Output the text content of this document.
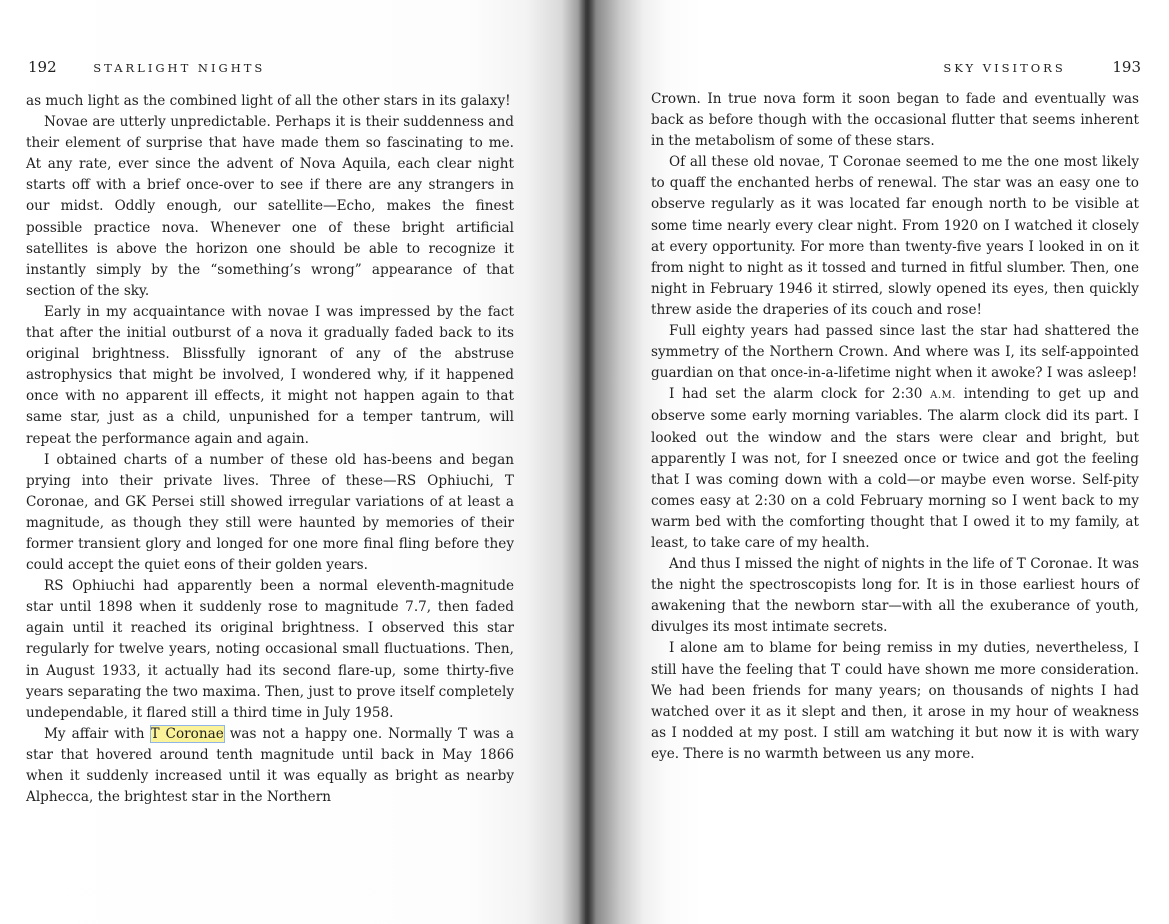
192	STARLIGHT NIGHTS

as much light as the combined light of all the other stars in its galaxy!

Novae are utterly unpredictable. Perhaps it is their suddenness and their element of surprise that have made them so fascinating to me. At any rate, ever since the advent of Nova Aquila, each clear night starts off with a brief once-over to see if there are any strangers in our midst. Oddly enough, our satellite—Echo, makes the finest possible practice nova. Whenever one of these bright artificial satellites is above the horizon one should be able to recognize it instantly simply by the “something’s wrong” appearance of that section of the sky.

Early in my acquaintance with novae I was impressed by the fact that after the initial outburst of a nova it gradually faded back to its original brightness. Blissfully ignorant of any of the abstruse astrophysics that might be involved, I wondered why, if it happened once with no apparent ill effects, it might not happen again to that same star, just as a child, unpunished for a temper tantrum, will repeat the performance again and again.

I obtained charts of a number of these old has-beens and began prying into their private lives. Three of these—RS Ophiuchi, T Coronae, and GK Persei still showed irregular variations of at least a magnitude, as though they still were haunted by memories of their former transient glory and longed for one more final fling before they could accept the quiet eons of their golden years.

RS Ophiuchi had apparently been a normal eleventh-magnitude star until 1898 when it suddenly rose to magnitude 7.7, then faded again until it reached its original brightness. I observed this star regularly for twelve years, noting occasional small fluctuations. Then, in August 1933, it actually had its second flare-up, some thirty-five years separating the two maxima. Then, just to prove itself completely undependable, it flared still a third time in July 1958.

My affair with T Coronae was not a happy one. Normally T was a star that hovered around tenth magnitude until back in May 1866 when it suddenly increased until it was equally as bright as nearby Alphecca, the brightest star in the Northern

SKY VISITORS	193

Crown. In true nova form it soon began to fade and eventually was back as before though with the occasional flutter that seems inherent in the metabolism of some of these stars.

Of all these old novae, T Coronae seemed to me the one most likely to quaff the enchanted herbs of renewal. The star was an easy one to observe regularly as it was located far enough north to be visible at some time nearly every clear night. From 1920 on I watched it closely at every opportunity. For more than twenty-five years I looked in on it from night to night as it tossed and turned in fitful slumber. Then, one night in February 1946 it stirred, slowly opened its eyes, then quickly threw aside the draperies of its couch and rose!

Full eighty years had passed since last the star had shattered the symmetry of the Northern Crown. And where was I, its self-appointed guardian on that once-in-a-lifetime night when it awoke? I was asleep!

I had set the alarm clock for 2:30 A.M. intending to get up and observe some early morning variables. The alarm clock did its part. I looked out the window and the stars were clear and bright, but apparently I was not, for I sneezed once or twice and got the feeling that I was coming down with a cold—or maybe even worse. Self-pity comes easy at 2:30 on a cold February morning so I went back to my warm bed with the comforting thought that I owed it to my family, at least, to take care of my health.

And thus I missed the night of nights in the life of T Coronae. It was the night the spectroscopists long for. It is in those earliest hours of awakening that the newborn star—with all the exuberance of youth, divulges its most intimate secrets.

I alone am to blame for being remiss in my duties, nevertheless, I still have the feeling that T could have shown me more consideration. We had been friends for many years; on thousands of nights I had watched over it as it slept and then, it arose in my hour of weakness as I nodded at my post. I still am watching it but now it is with wary eye. There is no warmth between us any more.
